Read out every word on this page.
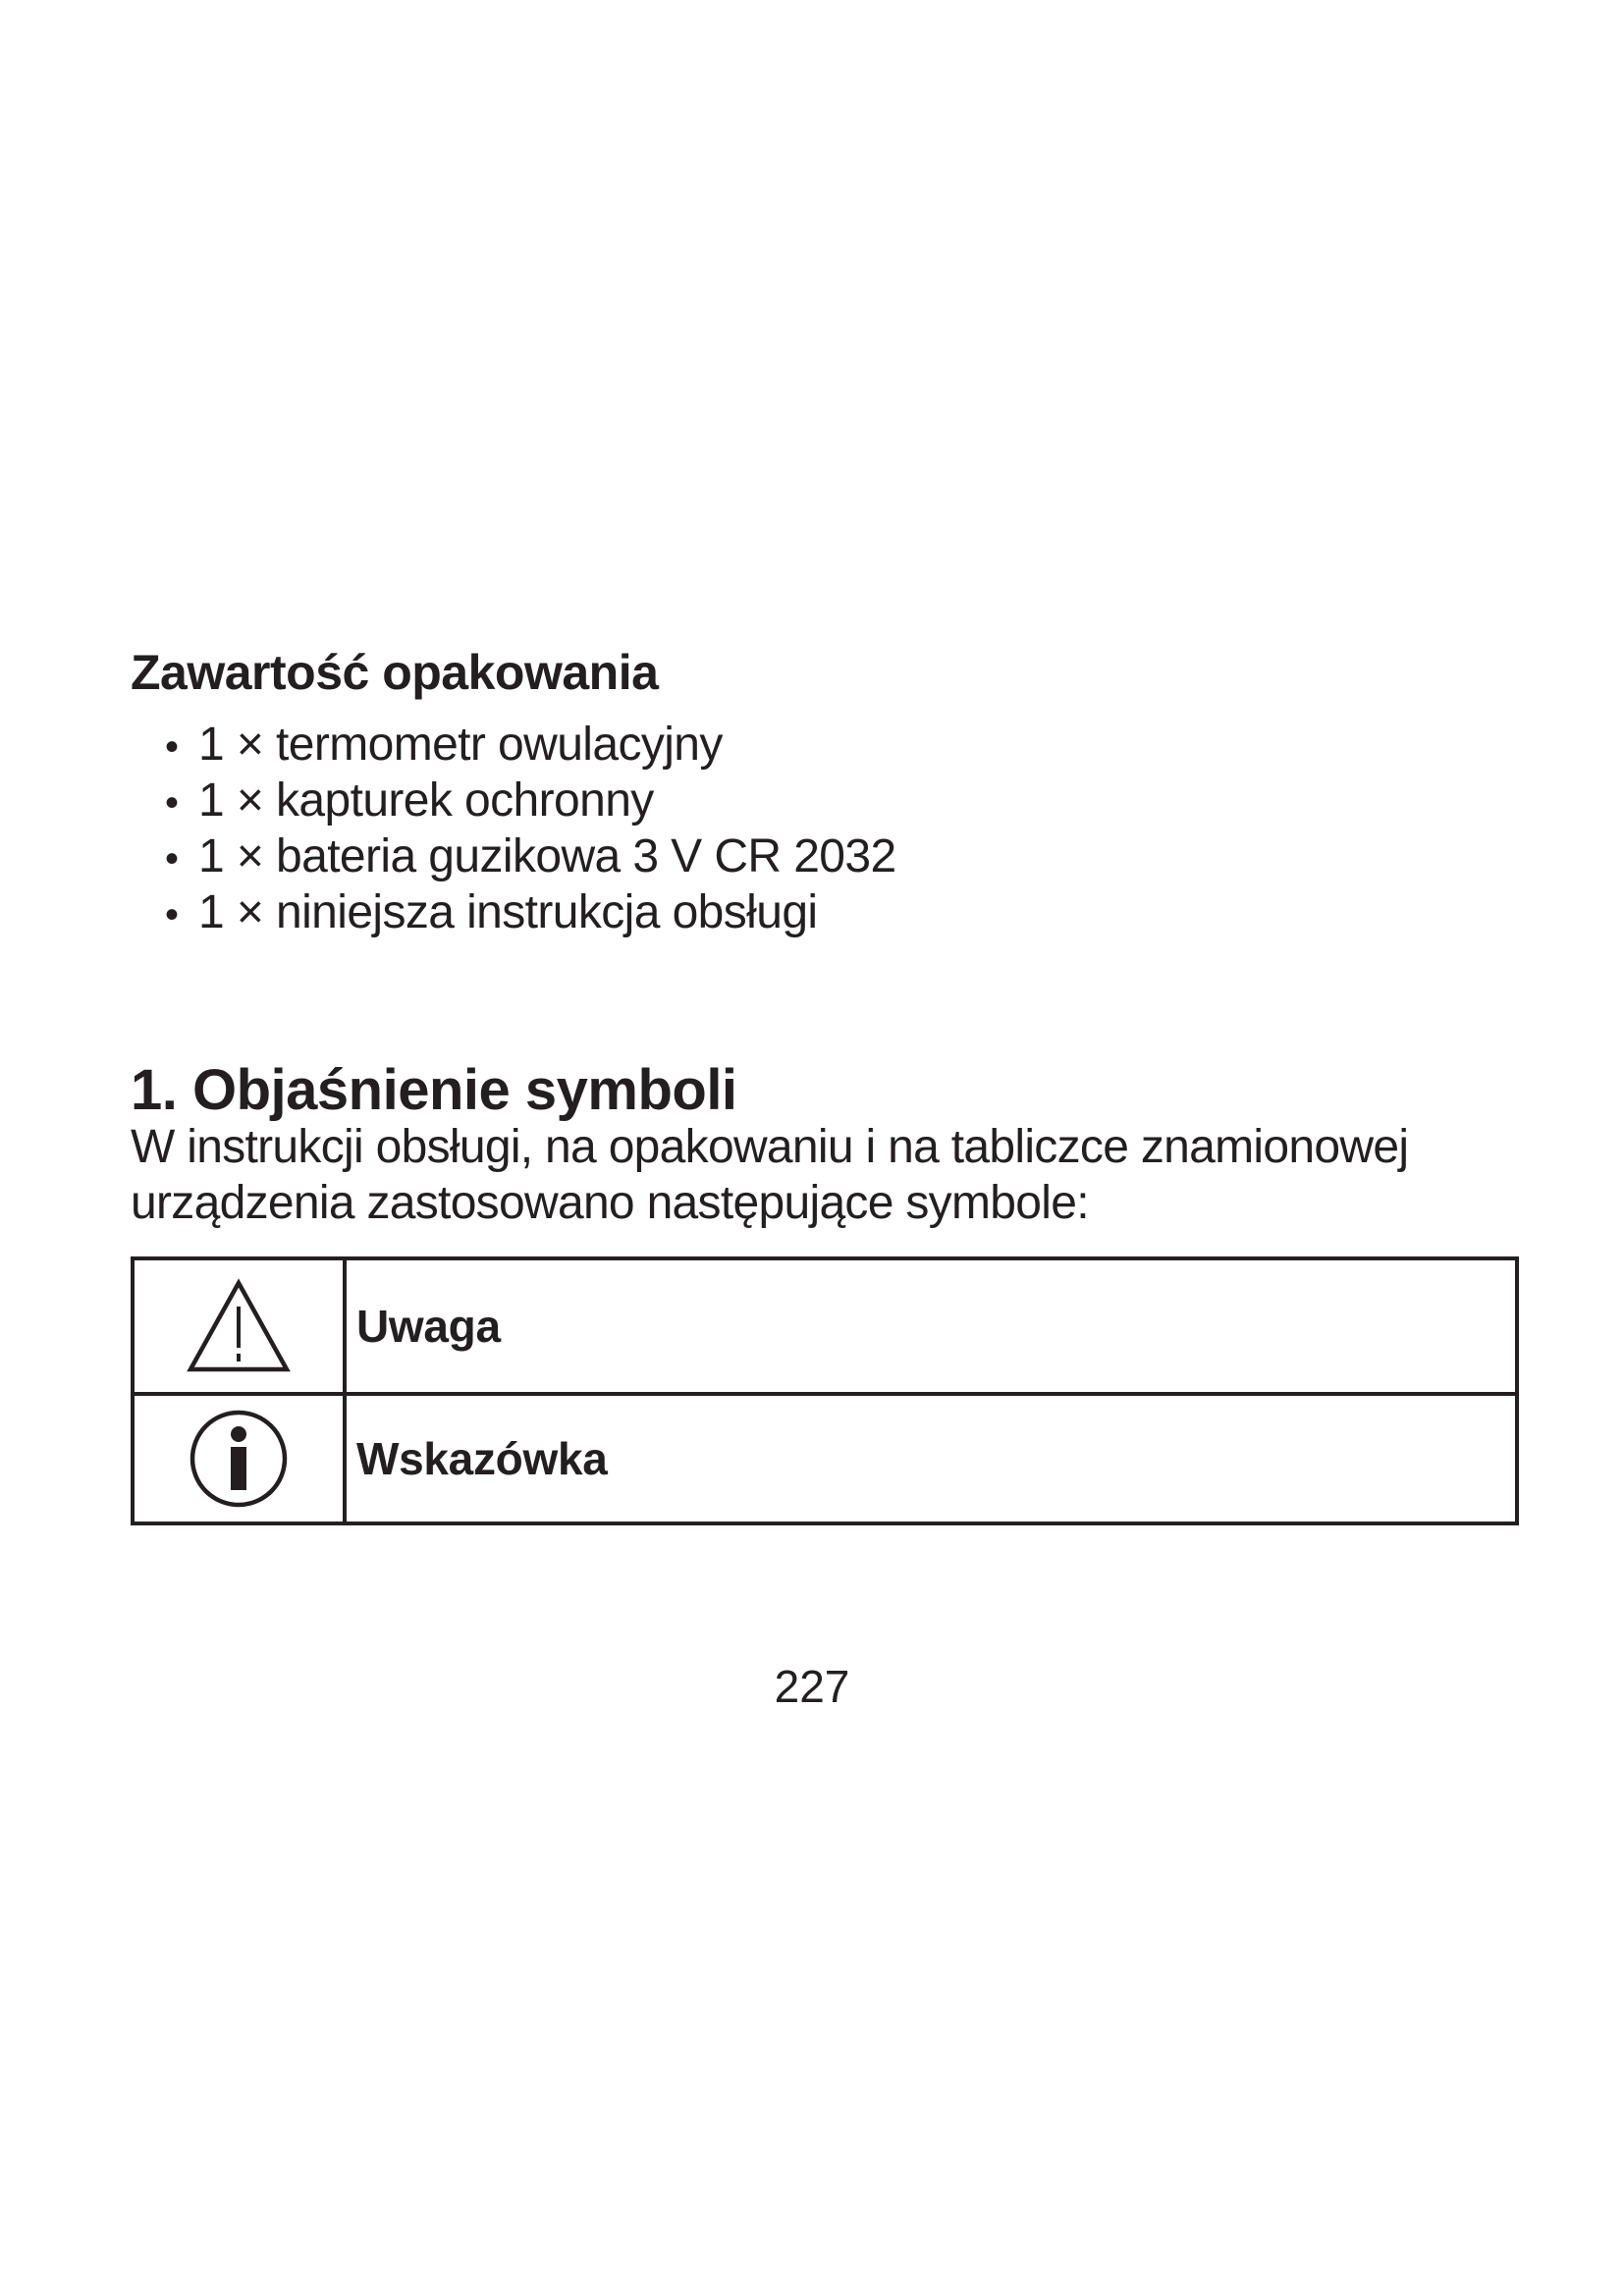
Zawartość opakowania
• 1 × termometr owulacyjny
• 1 × kapturek ochronny
• 1 × bateria guzikowa 3 V CR 2032
• 1 × niniejsza instrukcja obsługi
1. Objaśnienie symboli

W instrukcji obsługi, na opakowaniu i na tabliczce znamionowej urządzenia zastosowano następujące symbole:

	Uwaga
	Wskazówka
227
